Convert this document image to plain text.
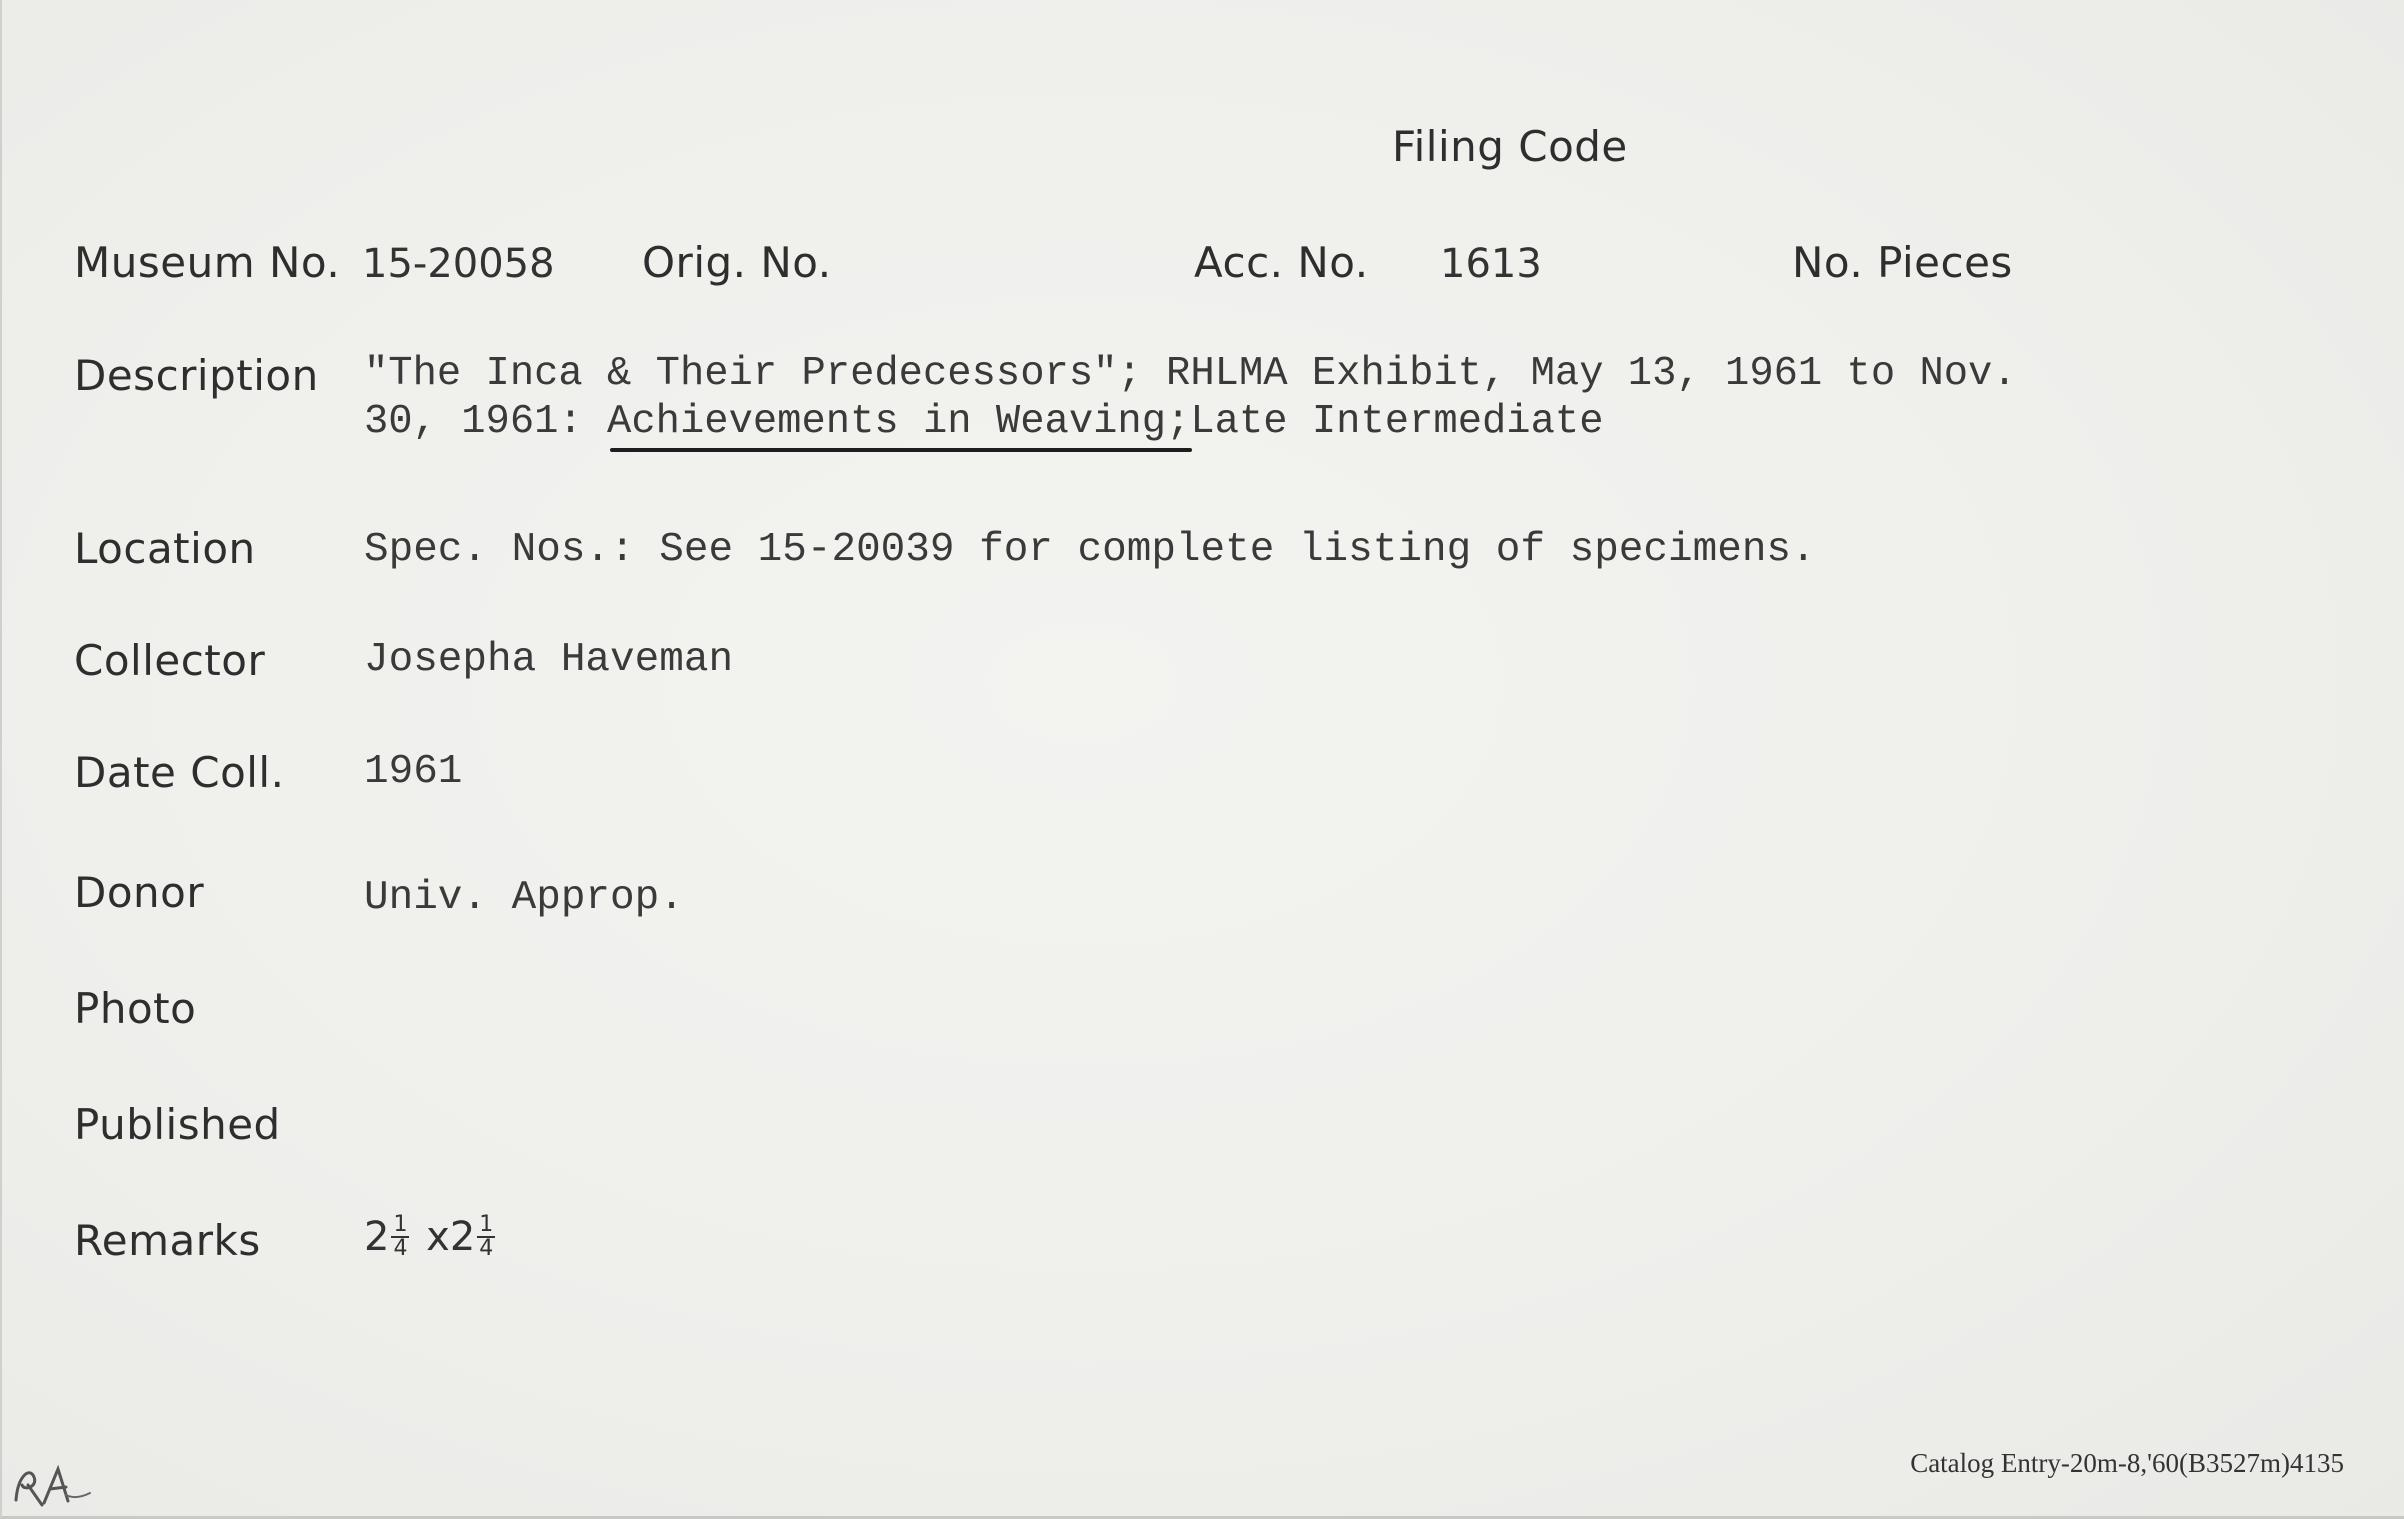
Filing Code
Museum No. 15-20058 Orig. No.	Acc. No. 1613	No. Pieces
Description "The Inca & Their Predecessors"; RHLMA Exhibit, May 13, 1961 to Nov.
30, 1961: Achievements in Weaving;Late Intermediate
Location	Spec. Nos.: See 15-20039 for complete listing of specimens.
Collector Josepha Haveman
Date Coll. 1961
Donor	Univ. Approp.
Photo
Published
Remarks	$2 \frac{1}{4} x2 \frac{1}{4}$
Catalog Entry-20m-8,'60(B3527m)4135
